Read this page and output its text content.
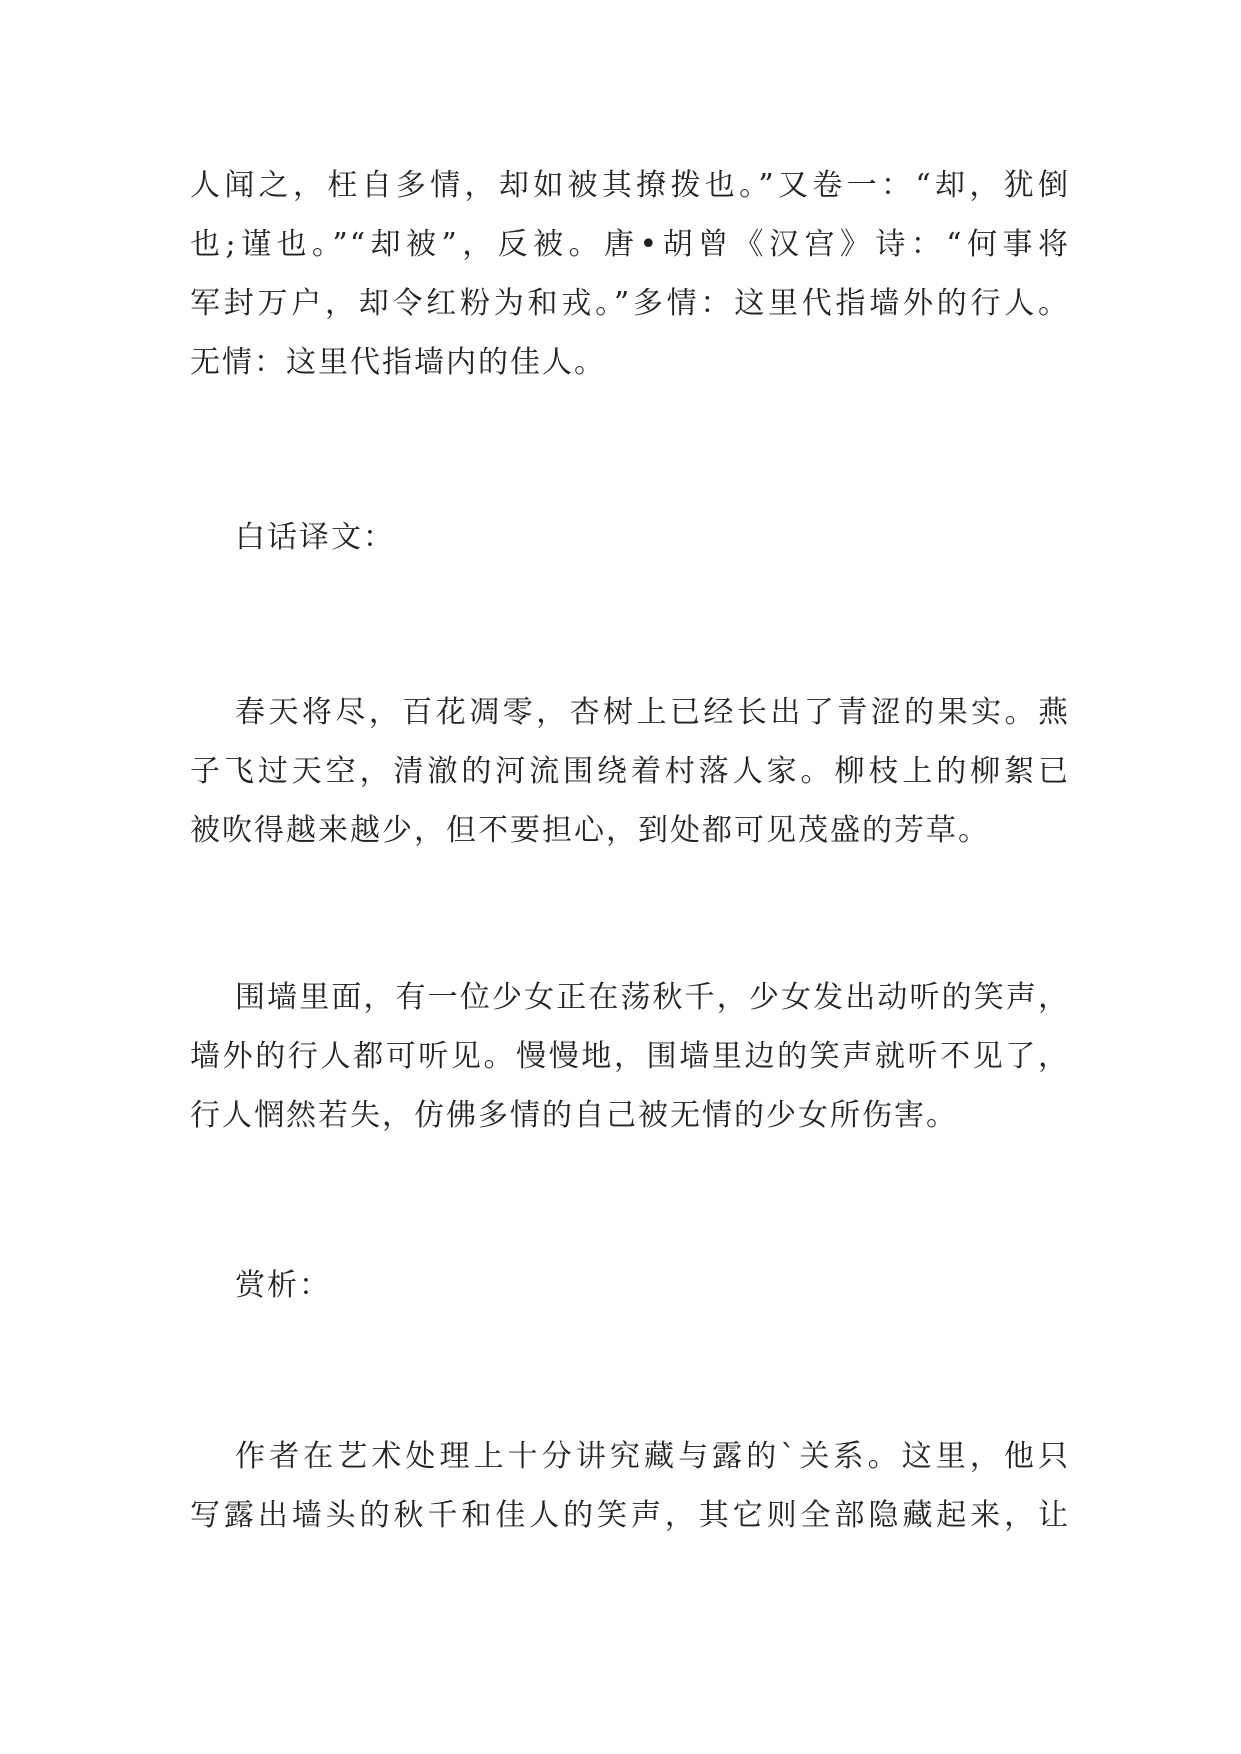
人闻之，枉自多情，却如被其撩拨也。”又卷一：“却，犹倒
也;谨也。”“却被”，反被。唐•胡曾《汉宫》诗：“何事将
军封万户，却令红粉为和戎。”多情：这里代指墙外的行人。
无情：这里代指墙内的佳人。
白话译文：
春天将尽，百花凋零，杏树上已经长出了青涩的果实。燕
子飞过天空，清澈的河流围绕着村落人家。柳枝上的柳絮已
被吹得越来越少，但不要担心，到处都可见茂盛的芳草。
围墙里面，有一位少女正在荡秋千，少女发出动听的笑声，
墙外的行人都可听见。慢慢地，围墙里边的笑声就听不见了，
行人惘然若失，仿佛多情的自己被无情的少女所伤害。
赏析：
作者在艺术处理上十分讲究藏与露的`关系。这里，他只
写露出墙头的秋千和佳人的笑声，其它则全部隐藏起来，让
